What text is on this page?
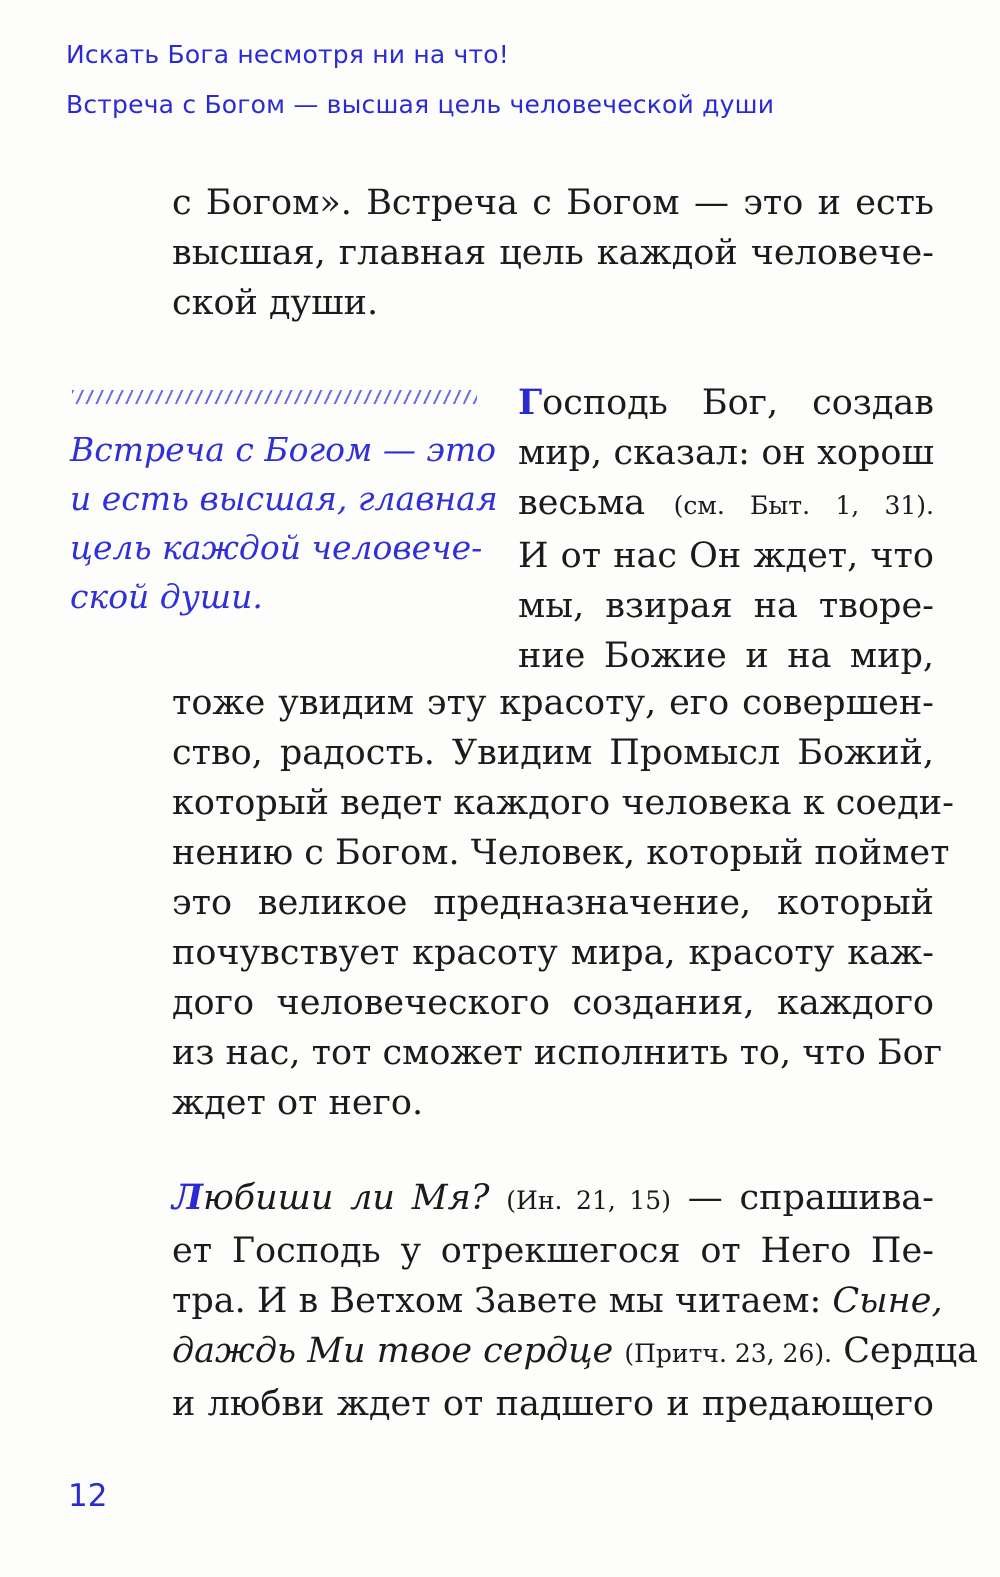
Искать Бога несмотря ни на что!
Встреча с Богом — высшая цель человеческой души
с Богом». Встреча с Богом — это и есть
высшая, главная цель каждой человече-
ской души.
Встреча с Богом — это
и есть высшая, главная
цель каждой человече-
ской души.
Господь Бог, создав
мир, сказал: он хорош
весьма (см. Быт. 1, 31).
И от нас Он ждет, что
мы, взирая на творе-
ние Божие и на мир,
тоже увидим эту красоту, его совершен-
ство, радость. Увидим Промысл Божий,
который ведет каждого человека к соеди-
нению с Богом. Человек, который поймет
это великое предназначение, который
почувствует красоту мира, красоту каж-
дого человеческого создания, каждого
из нас, тот сможет исполнить то, что Бог
ждет от него.
Любиши ли Мя? (Ин. 21, 15) — спрашива-
ет Господь у отрекшегося от Него Пе-
тра. И в Ветхом Завете мы читаем: Сыне,
даждь Ми твое сердце (Притч. 23, 26). Сердца
и любви ждет от падшего и предающего
12
